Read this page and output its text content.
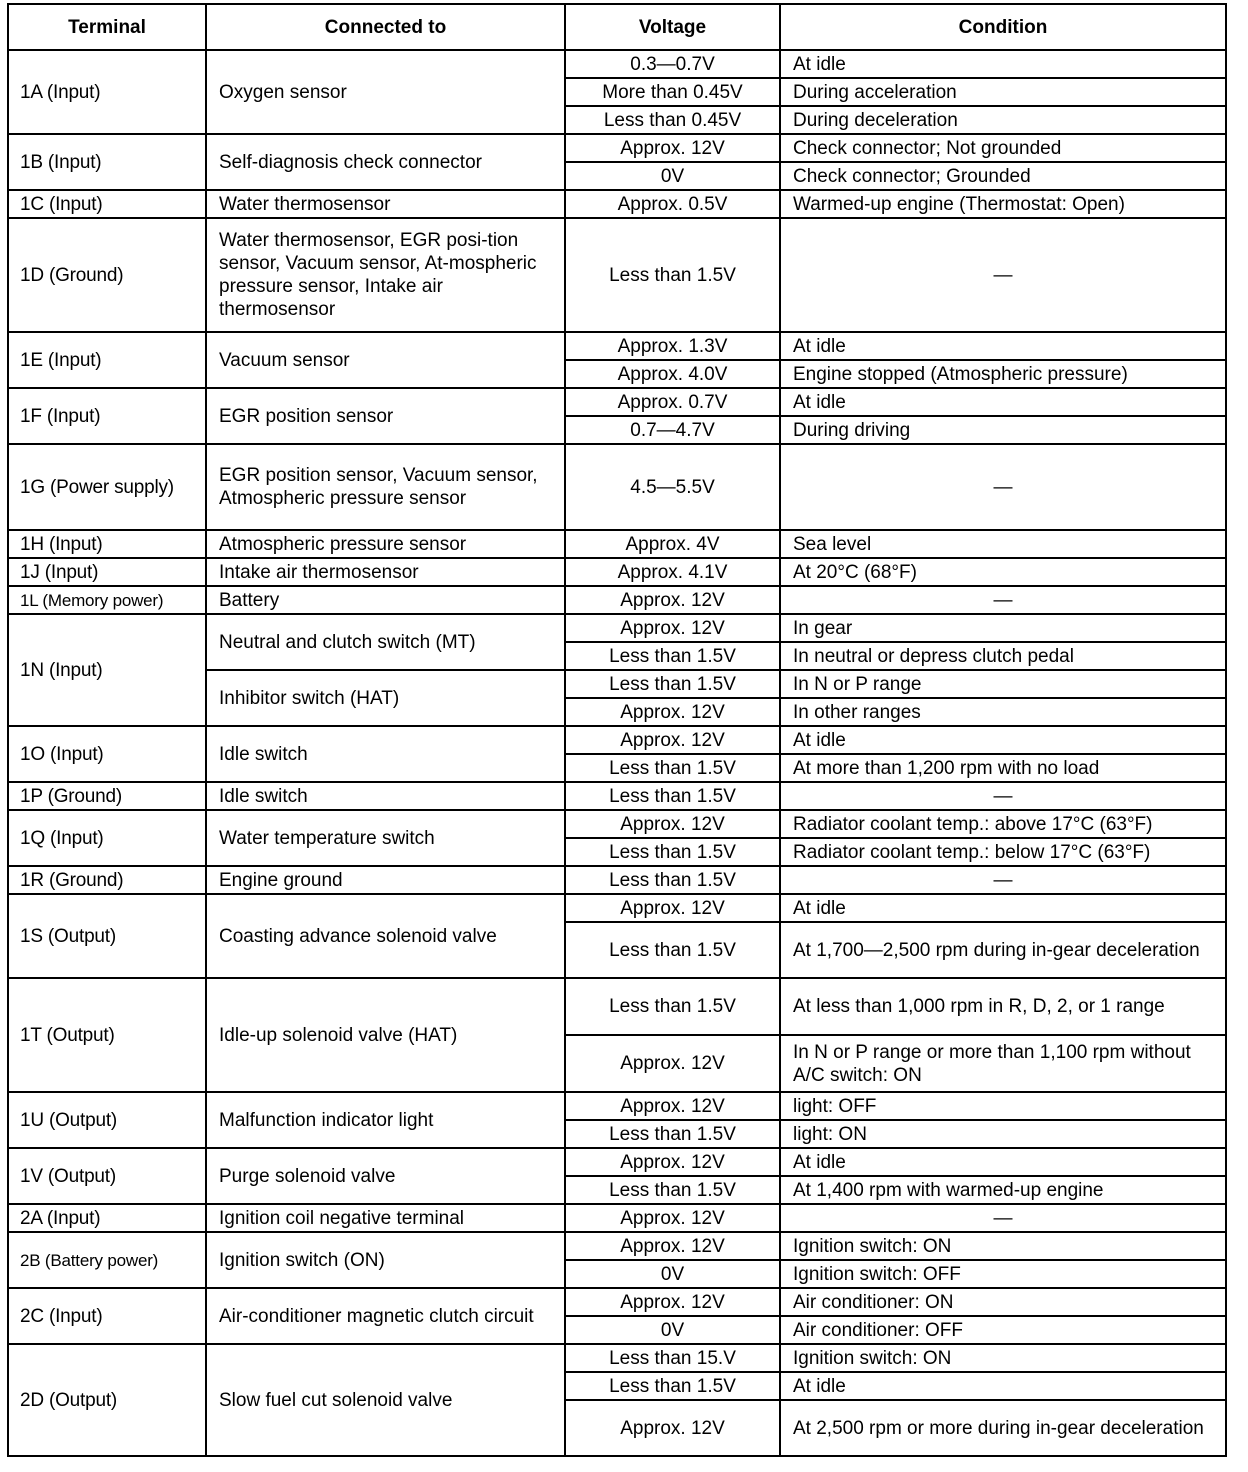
Terminal	Connected to	Voltage	Condition
1A (Input)	Oxygen sensor	0.3—0.7V	At idle
		More than 0.45V	During acceleration
		Less than 0.45V	During deceleration
1B (Input)	Self-diagnosis check connector	Approx. 12V	Check connector; Not grounded
		0V	Check connector; Grounded
1C (Input)	Water thermosensor	Approx. 0.5V	Warmed-up engine (Thermostat: Open)
1D (Ground)	Water thermosensor, EGR posi-tion sensor, Vacuum sensor, At-mospheric pressure sensor, Intake air thermosensor	Less than 1.5V	—
1E (Input)	Vacuum sensor	Approx. 1.3V	At idle
		Approx. 4.0V	Engine stopped (Atmospheric pressure)
1F (Input)	EGR position sensor	Approx. 0.7V	At idle
		0.7—4.7V	During driving
1G (Power supply)	EGR position sensor, Vacuum sensor, Atmospheric pressure sensor	4.5—5.5V	—
1H (Input)	Atmospheric pressure sensor	Approx. 4V	Sea level
1J (Input)	Intake air thermosensor	Approx. 4.1V	At 20°C (68°F)
1L (Memory power)	Battery	Approx. 12V	—
1N (Input)	Neutral and clutch switch (MT)	Approx. 12V	In gear
		Less than 1.5V	In neutral or depress clutch pedal
	Inhibitor switch (HAT)	Less than 1.5V	In N or P range
		Approx. 12V	In other ranges
1O (Input)	Idle switch	Approx. 12V	At idle
		Less than 1.5V	At more than 1,200 rpm with no load
1P (Ground)	Idle switch	Less than 1.5V	—
1Q (Input)	Water temperature switch	Approx. 12V	Radiator coolant temp.: above 17°C (63°F)
		Less than 1.5V	Radiator coolant temp.: below 17°C (63°F)
1R (Ground)	Engine ground	Less than 1.5V	—
1S (Output)	Coasting advance solenoid valve	Approx. 12V	At idle
		Less than 1.5V	At 1,700—2,500 rpm during in-gear deceleration
1T (Output)	Idle-up solenoid valve (HAT)	Less than 1.5V	At less than 1,000 rpm in R, D, 2, or 1 range
		Approx. 12V	In N or P range or more than 1,100 rpm without A/C switch: ON
1U (Output)	Malfunction indicator light	Approx. 12V	light: OFF
		Less than 1.5V	light: ON
1V (Output)	Purge solenoid valve	Approx. 12V	At idle
		Less than 1.5V	At 1,400 rpm with warmed-up engine
2A (Input)	Ignition coil negative terminal	Approx. 12V	—
2B (Battery power)	Ignition switch (ON)	Approx. 12V	Ignition switch: ON
		0V	Ignition switch: OFF
2C (Input)	Air-conditioner magnetic clutch circuit	Approx. 12V	Air conditioner: ON
		0V	Air conditioner: OFF
2D (Output)	Slow fuel cut solenoid valve	Less than 15.V	Ignition switch: ON
		Less than 1.5V	At idle
		Approx. 12V	At 2,500 rpm or more during in-gear deceleration
